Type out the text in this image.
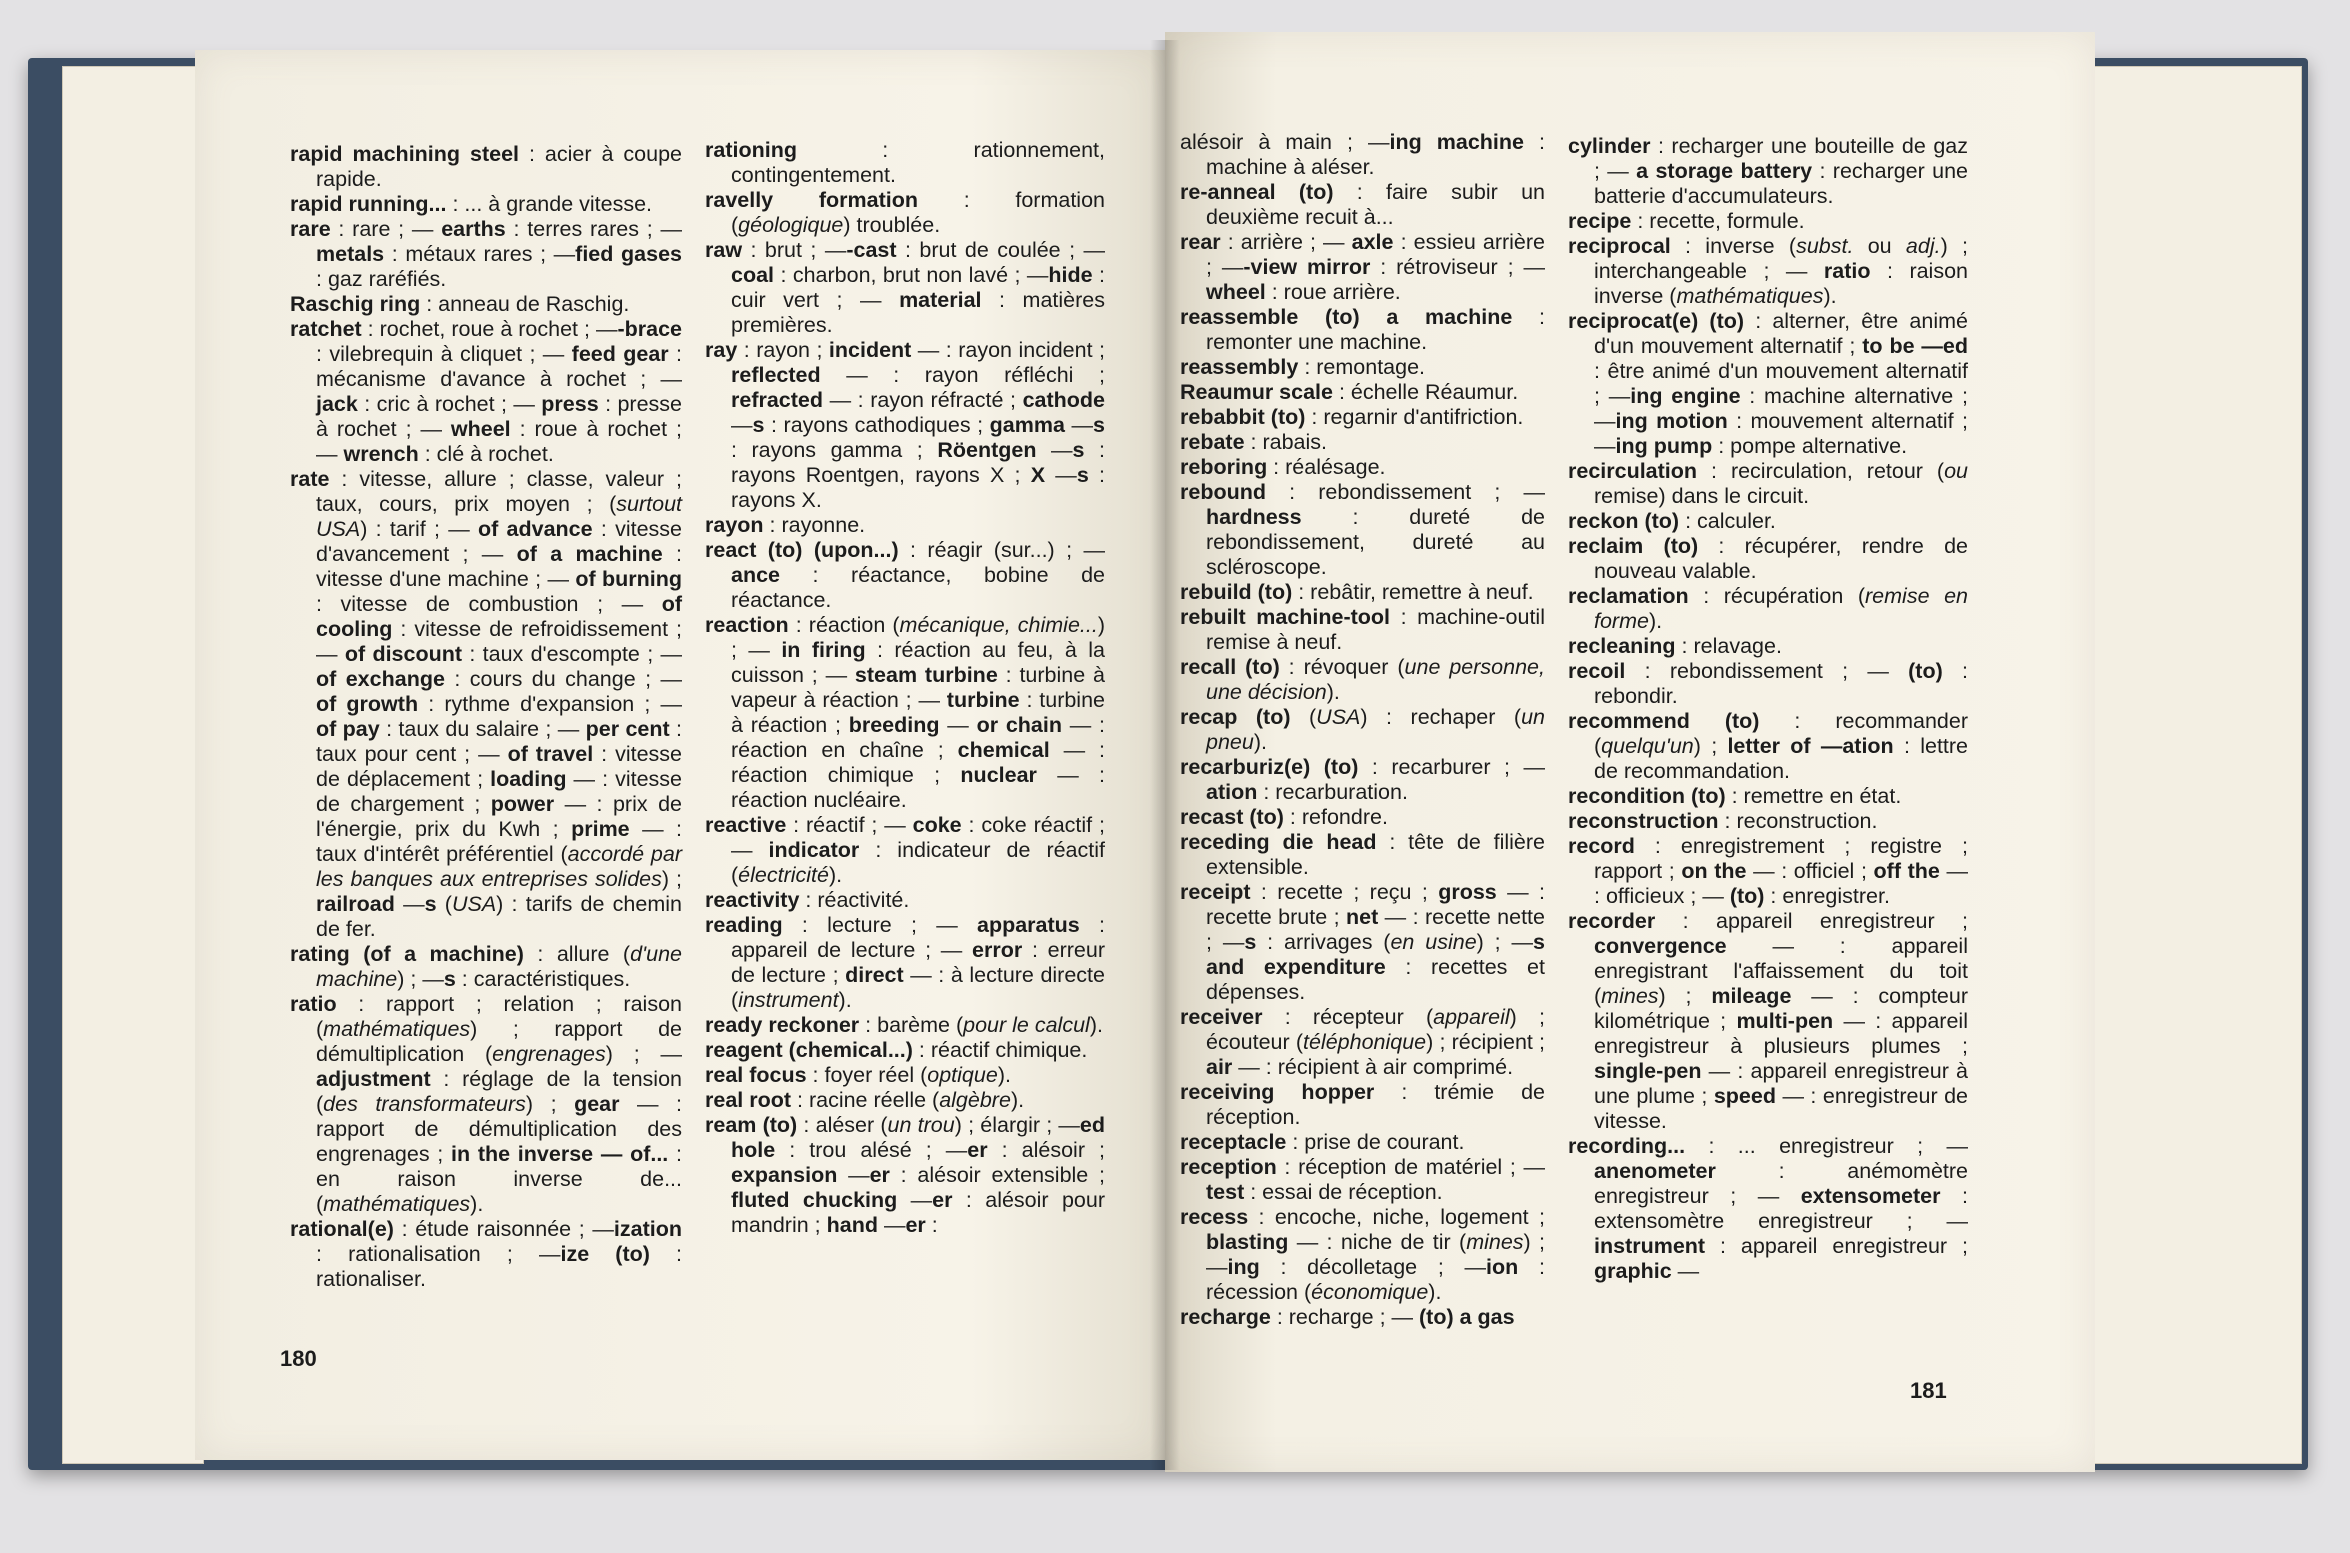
rapid machining steel : acier à coupe rapide.

rapid running... : ... à grande vitesse.

rare : rare ; — earths : terres rares ; — metals : métaux rares ; —fied gases : gaz raréfiés.

Raschig ring : anneau de Raschig.

ratchet : rochet, roue à rochet ; —-brace : vilebrequin à cliquet ; — feed gear : mécanisme d'avance à rochet ; — jack : cric à rochet ; — press : presse à rochet ; — wheel : roue à rochet ; — wrench : clé à rochet.

rate : vitesse, allure ; classe, valeur ; taux, cours, prix moyen ; (surtout USA) : tarif ; — of advance : vitesse d'avancement ; — of a machine : vitesse d'une machine ; — of burning : vitesse de combustion ; — of cooling : vitesse de refroidissement ; — of discount : taux d'escompte ; — of exchange : cours du change ; — of growth : rythme d'expansion ; — of pay : taux du salaire ; — per cent : taux pour cent ; — of travel : vitesse de déplacement ; loading — : vitesse de chargement ; power — : prix de l'énergie, prix du Kwh ; prime — : taux d'intérêt préférentiel (accordé par les banques aux entreprises solides) ; railroad —s (USA) : tarifs de chemin de fer.

rating (of a machine) : allure (d'une machine) ; —s : caractéristiques.

ratio : rapport ; relation ; raison (mathématiques) ; rapport de démultiplication (engrenages) ; — adjustment : réglage de la tension (des transformateurs) ; gear — : rapport de démultiplication des engrenages ; in the inverse — of... : en raison inverse de... (mathématiques).

rational(e) : étude raisonnée ; —ization : rationalisation ; —ize (to) : rationaliser.

rationing : rationnement, contingentement.

ravelly formation : formation (géologique) troublée.

raw : brut ; —-cast : brut de coulée ; — coal : charbon, brut non lavé ; —hide : cuir vert ; — material : matières premières.

ray : rayon ; incident — : rayon incident ; reflected — : rayon réfléchi ; refracted — : rayon réfracté ; cathode —s : rayons cathodiques ; gamma —s : rayons gamma ; Röentgen —s : rayons Roentgen, rayons X ; X —s : rayons X.

rayon : rayonne.

react (to) (upon...) : réagir (sur...) ; —ance : réactance, bobine de réactance.

reaction : réaction (mécanique, chimie...) ; — in firing : réaction au feu, à la cuisson ; — steam turbine : turbine à vapeur à réaction ; — turbine : turbine à réaction ; breeding — or chain — : réaction en chaîne ; chemical — : réaction chimique ; nuclear — : réaction nucléaire.

reactive : réactif ; — coke : coke réactif ; — indicator : indicateur de réactif (électricité).

reactivity : réactivité.

reading : lecture ; — apparatus : appareil de lecture ; — error : erreur de lecture ; direct — : à lecture directe (instrument).

ready reckoner : barème (pour le calcul).

reagent (chemical...) : réactif chimique.

real focus : foyer réel (optique).

real root : racine réelle (algèbre).

ream (to) : aléser (un trou) ; élargir ; —ed hole : trou alésé ; —er : alésoir ; expansion —er : alésoir extensible ; fluted chucking —er : alésoir pour mandrin ; hand —er :

180

alésoir à main ; —ing machine : machine à aléser.

re-anneal (to) : faire subir un deuxième recuit à...

rear : arrière ; — axle : essieu arrière ; —-view mirror : rétroviseur ; — wheel : roue arrière.

reassemble (to) a machine : remonter une machine.

reassembly : remontage.

Reaumur scale : échelle Réaumur.

rebabbit (to) : regarnir d'antifriction.

rebate : rabais.

reboring : réalésage.

rebound : rebondissement ; — hardness : dureté de rebondissement, dureté au scléroscope.

rebuild (to) : rebâtir, remettre à neuf.

rebuilt machine-tool : machine-outil remise à neuf.

recall (to) : révoquer (une personne, une décision).

recap (to) (USA) : rechaper (un pneu).

recarburiz(e) (to) : recarburer ; —ation : recarburation.

recast (to) : refondre.

receding die head : tête de filière extensible.

receipt : recette ; reçu ; gross — : recette brute ; net — : recette nette ; —s : arrivages (en usine) ; —s and expenditure : recettes et dépenses.

receiver : récepteur (appareil) ; écouteur (téléphonique) ; récipient ; air — : récipient à air comprimé.

receiving hopper : trémie de réception.

receptacle : prise de courant.

reception : réception de matériel ; — test : essai de réception.

recess : encoche, niche, logement ; blasting — : niche de tir (mines) ; —ing : décolletage ; —ion : récession (économique).

recharge : recharge ; — (to) a gas

cylinder : recharger une bouteille de gaz ; — a storage battery : recharger une batterie d'accumulateurs.

recipe : recette, formule.

reciprocal : inverse (subst. ou adj.) ; interchangeable ; — ratio : raison inverse (mathématiques).

reciprocat(e) (to) : alterner, être animé d'un mouvement alternatif ; to be —ed : être animé d'un mouvement alternatif ; —ing engine : machine alternative ; —ing motion : mouvement alternatif ; —ing pump : pompe alternative.

recirculation : recirculation, retour (ou remise) dans le circuit.

reckon (to) : calculer.

reclaim (to) : récupérer, rendre de nouveau valable.

reclamation : récupération (remise en forme).

recleaning : relavage.

recoil : rebondissement ; — (to) : rebondir.

recommend (to) : recommander (quelqu'un) ; letter of —ation : lettre de recommandation.

recondition (to) : remettre en état.

reconstruction : reconstruction.

record : enregistrement ; registre ; rapport ; on the — : officiel ; off the — : officieux ; — (to) : enregistrer.

recorder : appareil enregistreur ; convergence — : appareil enregistrant l'affaissement du toit (mines) ; mileage — : compteur kilométrique ; multi-pen — : appareil enregistreur à plusieurs plumes ; single-pen — : appareil enregistreur à une plume ; speed — : enregistreur de vitesse.

recording... : ... enregistreur ; — anenometer : anémomètre enregistreur ; — extensometer : extensomètre enregistreur ; — instrument : appareil enregistreur ; graphic —

181
